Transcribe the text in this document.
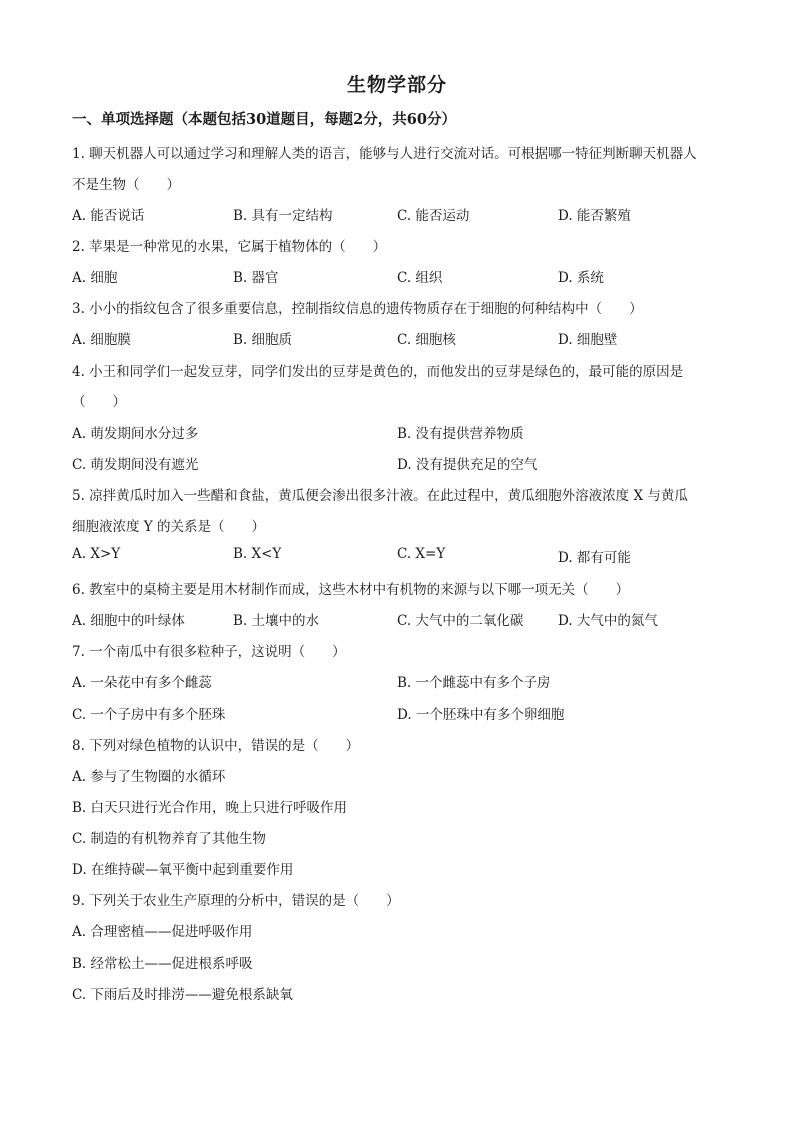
生物学部分
一、单项选择题（本题包括30道题目，每题2分，共60分）
1. 聊天机器人可以通过学习和理解人类的语言，能够与人进行交流对话。可根据哪一特征判断聊天机器人
不是生物（　　）
A. 能否说话	B. 具有一定结构	C. 能否运动	D. 能否繁殖
2. 苹果是一种常见的水果，它属于植物体的（　　）
A. 细胞	B. 器官	C. 组织	D. 系统
3. 小小的指纹包含了很多重要信息，控制指纹信息的遗传物质存在于细胞的何种结构中（　　）
A. 细胞膜	B. 细胞质	C. 细胞核	D. 细胞壁
4. 小王和同学们一起发豆芽，同学们发出的豆芽是黄色的，而他发出的豆芽是绿色的，最可能的原因是
（　　）
A. 萌发期间水分过多	B. 没有提供营养物质
C. 萌发期间没有遮光	D. 没有提供充足的空气
5. 凉拌黄瓜时加入一些醋和食盐，黄瓜便会渗出很多汁液。在此过程中，黄瓜细胞外溶液浓度 X 与黄瓜
细胞液浓度 Y 的关系是（　　）
A. X>Y	B. X<Y	C. X=Y	D. 都有可能
6. 教室中的桌椅主要是用木材制作而成，这些木材中有机物的来源与以下哪一项无关（　　）
A. 细胞中的叶绿体	B. 土壤中的水	C. 大气中的二氧化碳	D. 大气中的氮气
7. 一个南瓜中有很多粒种子，这说明（　　）
A. 一朵花中有多个雌蕊	B. 一个雌蕊中有多个子房
C. 一个子房中有多个胚珠	D. 一个胚珠中有多个卵细胞
8. 下列对绿色植物的认识中，错误的是（　　）
A. 参与了生物圈的水循环
B. 白天只进行光合作用，晚上只进行呼吸作用
C. 制造的有机物养育了其他生物
D. 在维持碳—氧平衡中起到重要作用
9. 下列关于农业生产原理的分析中，错误的是（　　）
A. 合理密植——促进呼吸作用
B. 经常松土——促进根系呼吸
C. 下雨后及时排涝——避免根系缺氧
